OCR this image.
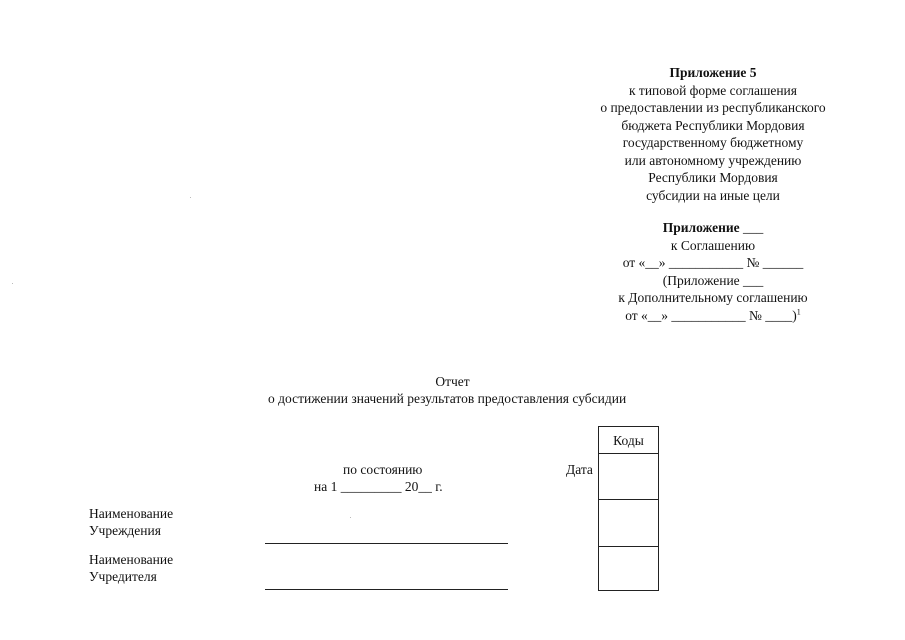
Приложение 5
к типовой форме соглашения
о предоставлении из республиканского
бюджета Республики Мордовия
государственному бюджетному
или автономному учреждению
Республики Мордовия
субсидии на иные цели
Приложение ___
к Соглашению
от «__» ___________ № ______
(Приложение ___
к Дополнительному соглашению
от «__» ___________ № ____)$^1$
Отчет
о достижении значений результатов предоставления субсидии
по состоянию
на 1 _________ 20__ г.
Дата
Коды
Наименование
Учреждения
Наименование
Учредителя
